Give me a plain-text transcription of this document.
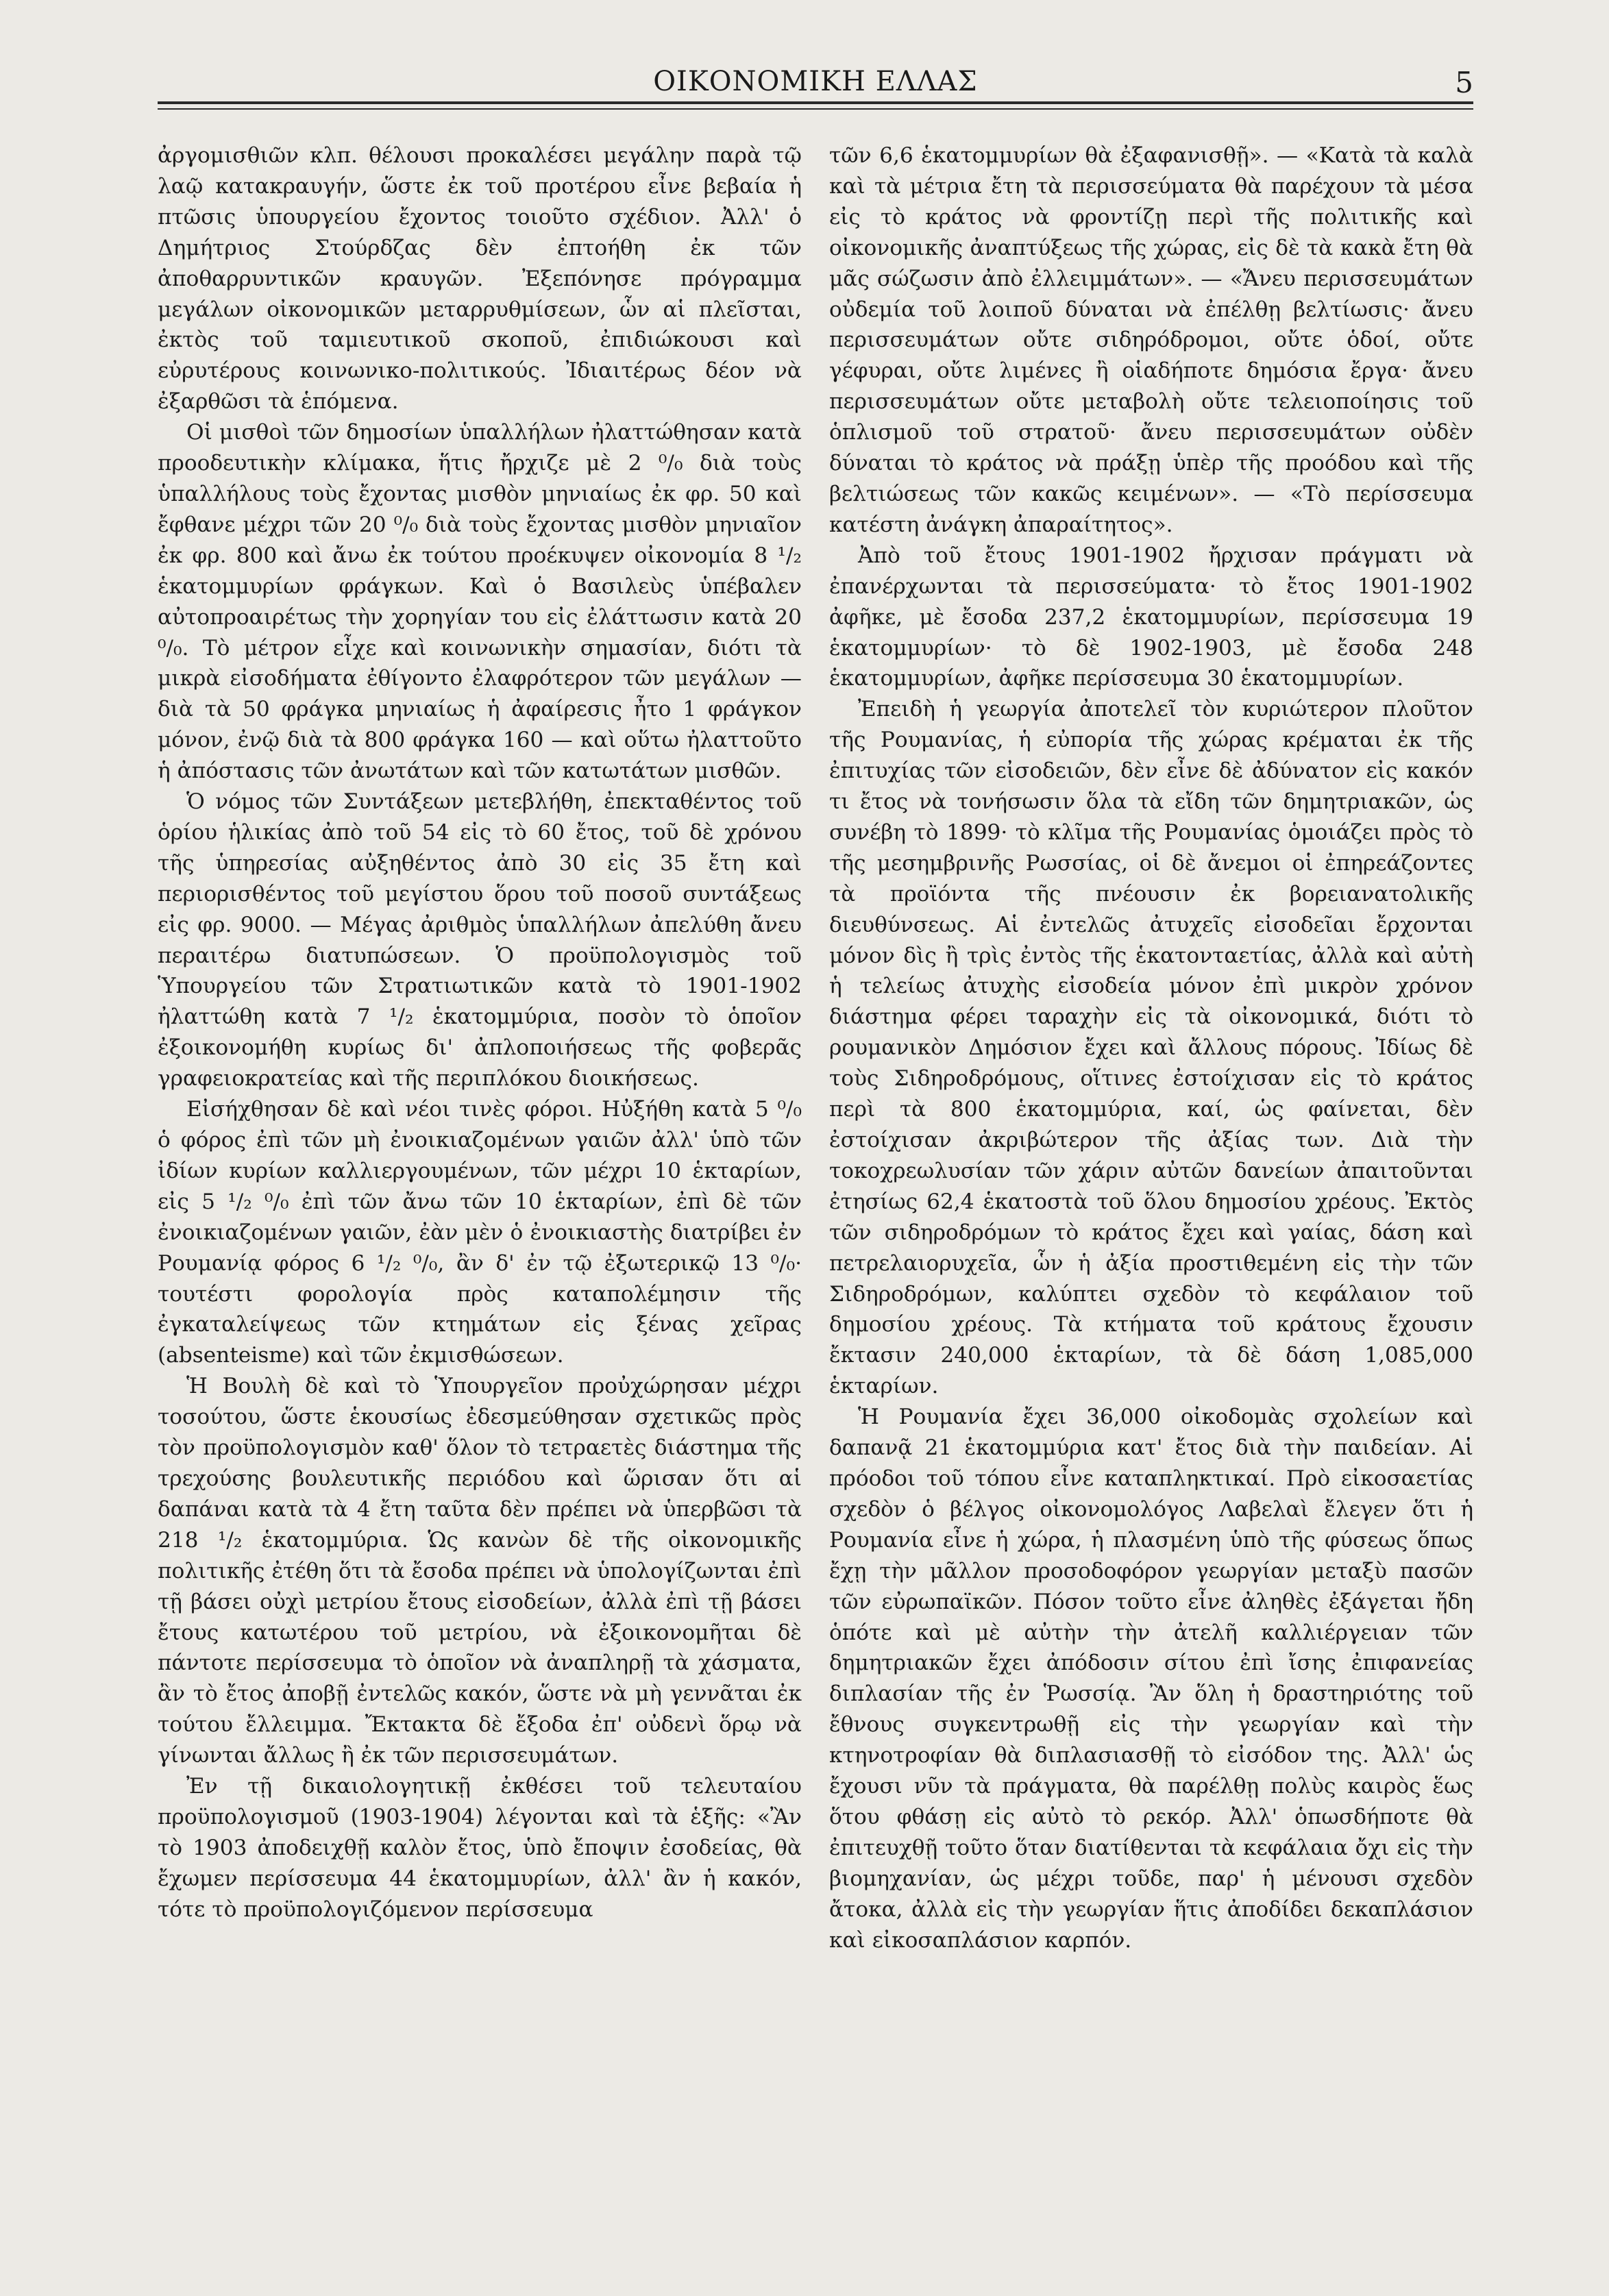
ΟΙΚΟΝΟΜΙΚΗ ΕΛΛΑΣ	5

ἀργομισθιῶν κλπ. θέλουσι προκαλέσει μεγάλην παρὰ τῷ λαῷ κατακραυγήν, ὥστε ἐκ τοῦ προτέρου εἶνε βεβαία ἡ πτῶσις ὑπουργείου ἔχοντος τοιοῦτο σχέδιον. Ἀλλ' ὁ Δημήτριος Στούρδζας δὲν ἐπτοήθη ἐκ τῶν ἀποθαρρυντικῶν κραυγῶν. Ἐξεπόνησε πρόγραμμα μεγάλων οἰκονομικῶν μεταρρυθμίσεων, ὧν αἱ πλεῖσται, ἐκτὸς τοῦ ταμιευτικοῦ σκοποῦ, ἐπιδιώκουσι καὶ εὐρυτέρους κοινωνικο-πολιτικούς. Ἰδιαιτέρως δέον νὰ ἐξαρθῶσι τὰ ἑπόμενα.

Οἱ μισθοὶ τῶν δημοσίων ὑπαλλήλων ἠλαττώθησαν κατὰ προοδευτικὴν κλίμακα, ἥτις ἤρχιζε μὲ 2 ⁰/₀ διὰ τοὺς ὑπαλλήλους τοὺς ἔχοντας μισθὸν μηνιαίως ἐκ φρ. 50 καὶ ἔφθανε μέχρι τῶν 20 ⁰/₀ διὰ τοὺς ἔχοντας μισθὸν μηνιαῖον ἐκ φρ. 800 καὶ ἄνω ἐκ τούτου προέκυψεν οἰκονομία 8 ¹/₂ ἑκατομμυρίων φράγκων. Καὶ ὁ Βασιλεὺς ὑπέβαλεν αὐτοπροαιρέτως τὴν χορηγίαν του εἰς ἐλάττωσιν κατὰ 20 ⁰/₀. Τὸ μέτρον εἶχε καὶ κοινωνικὴν σημασίαν, διότι τὰ μικρὰ εἰσοδήματα ἐθίγοντο ἐλαφρότερον τῶν μεγάλων — διὰ τὰ 50 φράγκα μηνιαίως ἡ ἀφαίρεσις ἦτο 1 φράγκον μόνον, ἐνῷ διὰ τὰ 800 φράγκα 160 — καὶ οὕτω ἠλαττοῦτο ἡ ἀπόστασις τῶν ἀνωτάτων καὶ τῶν κατωτάτων μισθῶν.

Ὁ νόμος τῶν Συντάξεων μετεβλήθη, ἐπεκταθέντος τοῦ ὁρίου ἡλικίας ἀπὸ τοῦ 54 εἰς τὸ 60 ἔτος, τοῦ δὲ χρόνου τῆς ὑπηρεσίας αὐξηθέντος ἀπὸ 30 εἰς 35 ἔτη καὶ περιορισθέντος τοῦ μεγίστου ὅρου τοῦ ποσοῦ συντάξεως εἰς φρ. 9000. — Μέγας ἀριθμὸς ὑπαλλήλων ἀπελύθη ἄνευ περαιτέρω διατυπώσεων. Ὁ προϋπολογισμὸς τοῦ Ὑπουργείου τῶν Στρατιωτικῶν κατὰ τὸ 1901-1902 ἠλαττώθη κατὰ 7 ¹/₂ ἑκατομμύρια, ποσὸν τὸ ὁποῖον ἐξοικονομήθη κυρίως δι' ἀπλοποιήσεως τῆς φοβερᾶς γραφειοκρατείας καὶ τῆς περιπλόκου διοικήσεως.

Εἰσήχθησαν δὲ καὶ νέοι τινὲς φόροι. Ηὐξήθη κατὰ 5 ⁰/₀ ὁ φόρος ἐπὶ τῶν μὴ ἐνοικιαζομένων γαιῶν ἀλλ' ὑπὸ τῶν ἰδίων κυρίων καλλιεργουμένων, τῶν μέχρι 10 ἑκταρίων, εἰς 5 ¹/₂ ⁰/₀ ἐπὶ τῶν ἄνω τῶν 10 ἑκταρίων, ἐπὶ δὲ τῶν ἐνοικιαζομένων γαιῶν, ἐὰν μὲν ὁ ἐνοικιαστὴς διατρίβει ἐν Ρουμανίᾳ φόρος 6 ¹/₂ ⁰/₀, ἂν δ' ἐν τῷ ἐξωτερικῷ 13 ⁰/₀· τουτέστι φορολογία πρὸς καταπολέμησιν τῆς ἐγκαταλείψεως τῶν κτημάτων εἰς ξένας χεῖρας (absenteisme) καὶ τῶν ἐκμισθώσεων.

Ἡ Βουλὴ δὲ καὶ τὸ Ὑπουργεῖον προὐχώρησαν μέχρι τοσούτου, ὥστε ἑκουσίως ἐδεσμεύθησαν σχετικῶς πρὸς τὸν προϋπολογισμὸν καθ' ὅλον τὸ τετραετὲς διάστημα τῆς τρεχούσης βουλευτικῆς περιόδου καὶ ὥρισαν ὅτι αἱ δαπάναι κατὰ τὰ 4 ἔτη ταῦτα δὲν πρέπει νὰ ὑπερβῶσι τὰ 218 ¹/₂ ἑκατομμύρια. Ὡς κανὼν δὲ τῆς οἰκονομικῆς πολιτικῆς ἐτέθη ὅτι τὰ ἔσοδα πρέπει νὰ ὑπολογίζωνται ἐπὶ τῇ βάσει οὐχὶ μετρίου ἔτους εἰσοδείων, ἀλλὰ ἐπὶ τῇ βάσει ἔτους κατωτέρου τοῦ μετρίου, νὰ ἐξοικονομῆται δὲ πάντοτε περίσσευμα τὸ ὁποῖον νὰ ἀναπληρῇ τὰ χάσματα, ἂν τὸ ἔτος ἀποβῇ ἐντελῶς κακόν, ὥστε νὰ μὴ γεννᾶται ἐκ τούτου ἔλλειμμα. Ἔκτακτα δὲ ἔξοδα ἐπ' οὐδενὶ ὅρῳ νὰ γίνωνται ἄλλως ἢ ἐκ τῶν περισσευμάτων.

Ἐν τῇ δικαιολογητικῇ ἐκθέσει τοῦ τελευταίου προϋπολογισμοῦ (1903-1904) λέγονται καὶ τὰ ἑξῆς: «Ἂν τὸ 1903 ἀποδειχθῇ καλὸν ἔτος, ὑπὸ ἔποψιν ἐσοδείας, θὰ ἔχωμεν περίσσευμα 44 ἑκατομμυρίων, ἀλλ' ἂν ἡ κακόν, τότε τὸ προϋπολογιζόμενον περίσσευμα

τῶν 6,6 ἑκατομμυρίων θὰ ἐξαφανισθῇ». — «Κατὰ τὰ καλὰ καὶ τὰ μέτρια ἔτη τὰ περισσεύματα θὰ παρέχουν τὰ μέσα εἰς τὸ κράτος νὰ φροντίζῃ περὶ τῆς πολιτικῆς καὶ οἰκονομικῆς ἀναπτύξεως τῆς χώρας, εἰς δὲ τὰ κακὰ ἔτη θὰ μᾶς σώζωσιν ἀπὸ ἐλλειμμάτων». — «Ἄνευ περισσευμάτων οὐδεμία τοῦ λοιποῦ δύναται νὰ ἐπέλθῃ βελτίωσις· ἄνευ περισσευμάτων οὔτε σιδηρόδρομοι, οὔτε ὁδοί, οὔτε γέφυραι, οὔτε λιμένες ἢ οἱαδήποτε δημόσια ἔργα· ἄνευ περισσευμάτων οὔτε μεταβολὴ οὔτε τελειοποίησις τοῦ ὁπλισμοῦ τοῦ στρατοῦ· ἄνευ περισσευμάτων οὐδὲν δύναται τὸ κράτος νὰ πράξῃ ὑπὲρ τῆς προόδου καὶ τῆς βελτιώσεως τῶν κακῶς κειμένων». — «Τὸ περίσσευμα κατέστη ἀνάγκη ἀπαραίτητος».

Ἀπὸ τοῦ ἔτους 1901-1902 ἤρχισαν πράγματι νὰ ἐπανέρχωνται τὰ περισσεύματα· τὸ ἔτος 1901-1902 ἀφῆκε, μὲ ἔσοδα 237,2 ἑκατομμυρίων, περίσσευμα 19 ἑκατομμυρίων· τὸ δὲ 1902-1903, μὲ ἔσοδα 248 ἑκατομμυρίων, ἀφῆκε περίσσευμα 30 ἑκατομμυρίων.

Ἐπειδὴ ἡ γεωργία ἀποτελεῖ τὸν κυριώτερον πλοῦτον τῆς Ρουμανίας, ἡ εὐπορία τῆς χώρας κρέμαται ἐκ τῆς ἐπιτυχίας τῶν εἰσοδειῶν, δὲν εἶνε δὲ ἀδύνατον εἰς κακόν τι ἔτος νὰ τονήσωσιν ὅλα τὰ εἴδη τῶν δημητριακῶν, ὡς συνέβη τὸ 1899· τὸ κλῖμα τῆς Ρουμανίας ὁμοιάζει πρὸς τὸ τῆς μεσημβρινῆς Ρωσσίας, οἱ δὲ ἄνεμοι οἱ ἐπηρεάζοντες τὰ προϊόντα τῆς πνέουσιν ἐκ βορειανατολικῆς διευθύνσεως. Αἱ ἐντελῶς ἀτυχεῖς εἰσοδεῖαι ἔρχονται μόνον δὶς ἢ τρὶς ἐντὸς τῆς ἑκατονταετίας, ἀλλὰ καὶ αὐτὴ ἡ τελείως ἀτυχὴς εἰσοδεία μόνον ἐπὶ μικρὸν χρόνον διάστημα φέρει ταραχὴν εἰς τὰ οἰκονομικά, διότι τὸ ρουμανικὸν Δημόσιον ἔχει καὶ ἄλλους πόρους. Ἰδίως δὲ τοὺς Σιδηροδρόμους, οἵτινες ἐστοίχισαν εἰς τὸ κράτος περὶ τὰ 800 ἑκατομμύρια, καί, ὡς φαίνεται, δὲν ἐστοίχισαν ἀκριβώτερον τῆς ἀξίας των. Διὰ τὴν τοκοχρεωλυσίαν τῶν χάριν αὐτῶν δανείων ἀπαιτοῦνται ἐτησίως 62,4 ἑκατοστὰ τοῦ ὅλου δημοσίου χρέους. Ἐκτὸς τῶν σιδηροδρόμων τὸ κράτος ἔχει καὶ γαίας, δάση καὶ πετρελαιορυχεῖα, ὧν ἡ ἀξία προστιθεμένη εἰς τὴν τῶν Σιδηροδρόμων, καλύπτει σχεδὸν τὸ κεφάλαιον τοῦ δημοσίου χρέους. Τὰ κτήματα τοῦ κράτους ἔχουσιν ἔκτασιν 240,000 ἑκταρίων, τὰ δὲ δάση 1,085,000 ἑκταρίων.

Ἡ Ρουμανία ἔχει 36,000 οἰκοδομὰς σχολείων καὶ δαπανᾷ 21 ἑκατομμύρια κατ' ἔτος διὰ τὴν παιδείαν. Αἱ πρόοδοι τοῦ τόπου εἶνε καταπληκτικαί. Πρὸ εἰκοσαετίας σχεδὸν ὁ βέλγος οἰκονομολόγος Λαβελαὶ ἔλεγεν ὅτι ἡ Ρουμανία εἶνε ἡ χώρα, ἡ πλασμένη ὑπὸ τῆς φύσεως ὅπως ἔχῃ τὴν μᾶλλον προσοδοφόρον γεωργίαν μεταξὺ πασῶν τῶν εὐρωπαϊκῶν. Πόσον τοῦτο εἶνε ἀληθὲς ἐξάγεται ἤδη ὁπότε καὶ μὲ αὐτὴν τὴν ἀτελῆ καλλιέργειαν τῶν δημητριακῶν ἔχει ἀπόδοσιν σίτου ἐπὶ ἴσης ἐπιφανείας διπλασίαν τῆς ἐν Ῥωσσίᾳ. Ἂν ὅλη ἡ δραστηριότης τοῦ ἔθνους συγκεντρωθῇ εἰς τὴν γεωργίαν καὶ τὴν κτηνοτροφίαν θὰ διπλασιασθῇ τὸ εἰσόδον της. Ἀλλ' ὡς ἔχουσι νῦν τὰ πράγματα, θὰ παρέλθῃ πολὺς καιρὸς ἕως ὅτου φθάσῃ εἰς αὐτὸ τὸ ρεκόρ. Ἀλλ' ὁπωσδήποτε θὰ ἐπιτευχθῇ τοῦτο ὅταν διατίθενται τὰ κεφάλαια ὄχι εἰς τὴν βιομηχανίαν, ὡς μέχρι τοῦδε, παρ' ἡ μένουσι σχεδὸν ἄτοκα, ἀλλὰ εἰς τὴν γεωργίαν ἥτις ἀποδίδει δεκαπλάσιον καὶ εἰκοσαπλάσιον καρπόν.
